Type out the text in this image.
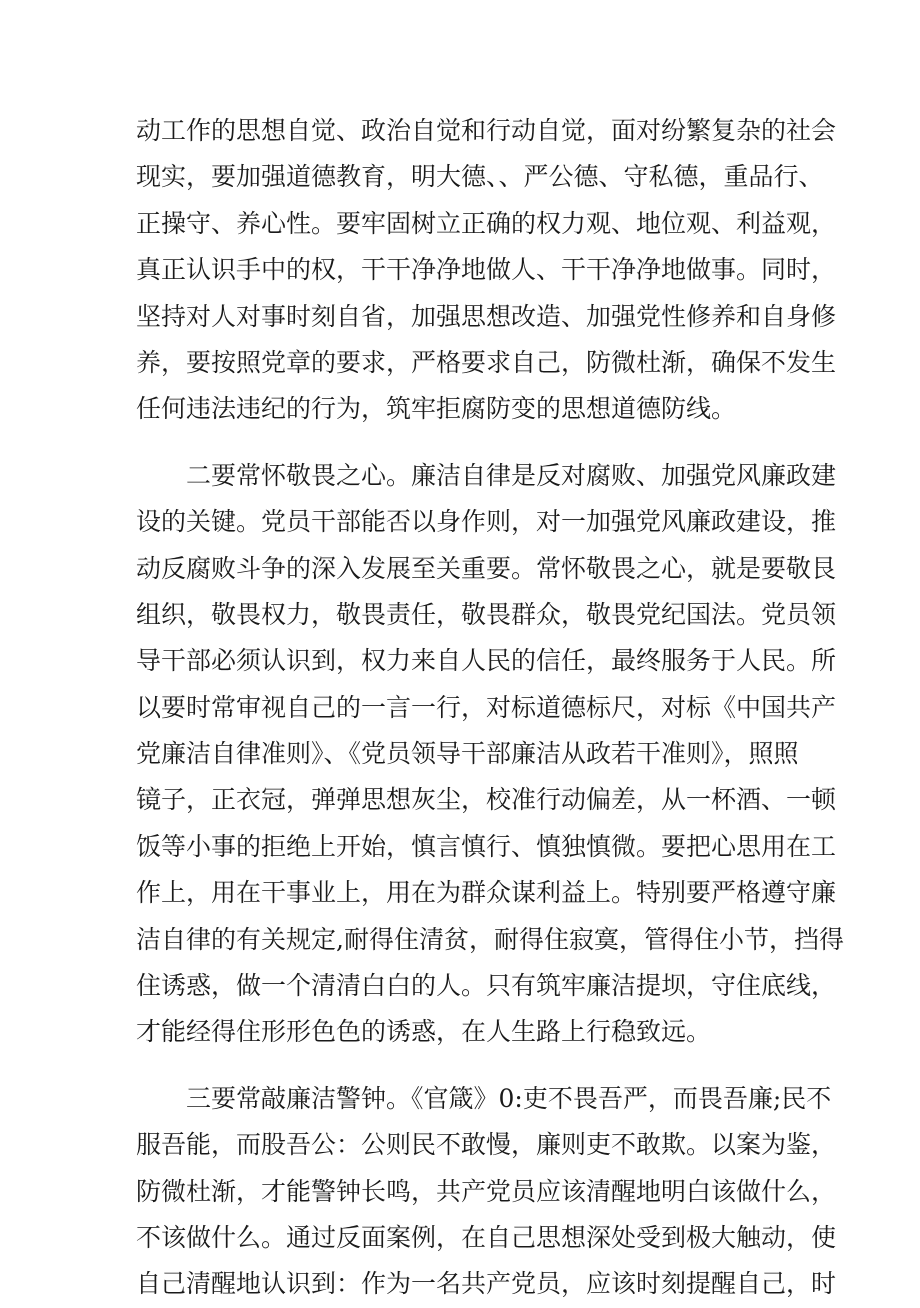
动工作的思想自觉、政治自觉和行动自觉，面对纷繁复杂的社会
现实，要加强道德教育，明大德、、严公德、守私德，重品行、
正操守、养心性。要牢固树立正确的权力观、地位观、利益观，
真正认识手中的权，干干净净地做人、干干净净地做事。同时，
坚持对人对事时刻自省，加强思想改造、加强党性修养和自身修
养，要按照党章的要求，严格要求自己，防微杜渐，确保不发生
任何违法违纪的行为，筑牢拒腐防变的思想道德防线。
二要常怀敬畏之心。廉洁自律是反对腐败、加强党风廉政建
设的关键。党员干部能否以身作则，对一加强党风廉政建设，推
动反腐败斗争的深入发展至关重要。常怀敬畏之心，就是要敬艮
组织，敬畏权力，敬畏责任，敬畏群众，敬畏党纪国法。党员领
导干部必须认识到，权力来自人民的信任，最终服务于人民。所
以要时常审视自己的一言一行，对标道德标尺，对标《中国共产
党廉洁自律准则》、《党员领导干部廉洁从政若干准则》，照照
镜子，正衣冠，弹弹思想灰尘，校准行动偏差，从一杯酒、一顿
饭等小事的拒绝上开始，慎言慎行、慎独慎微。要把心思用在工
作上，用在干事业上，用在为群众谋利益上。特别要严格遵守廉
洁自律的有关规定,耐得住清贫，耐得住寂寞，管得住小节，挡得
住诱惑，做一个清清白白的人。只有筑牢廉洁提坝，守住底线，
才能经得住形形色色的诱惑，在人生路上行稳致远。
三要常敲廉洁警钟。《官箴》0:吏不畏吾严，而畏吾廉;民不
服吾能，而股吾公：公则民不敢慢，廉则吏不敢欺。以案为鉴，
防微杜渐，才能警钟长鸣，共产党员应该清醒地明白该做什么，
不该做什么。通过反面案例，在自己思想深处受到极大触动，使
自己清醒地认识到：作为一名共产党员，应该时刻提醒自己，时
